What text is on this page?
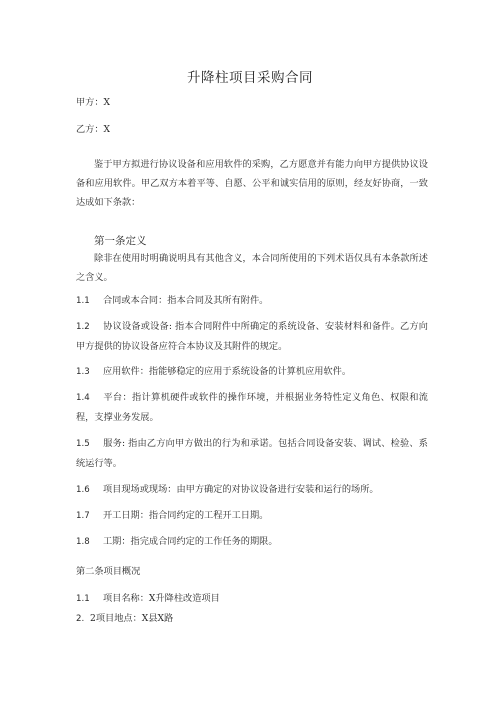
升降柱项目采购合同
甲方：X
乙方：X
鉴于甲方拟进行协议设备和应用软件的采购，乙方愿意并有能力向甲方提供协议设备和应用软件。甲乙双方本着平等、自愿、公平和诚实信用的原则，经友好协商，一致达成如下条款：
第一条定义
除非在使用时明确说明具有其他含义，本合同所使用的下列术语仅具有本条款所述之含义。
1.1 合同或本合同：指本合同及其所有附件。
1.2 协议设备或设备: 指本合同附件中所确定的系统设备、安装材料和备件。乙方向甲方提供的协议设备应符合本协议及其附件的规定。
1.3 应用软件：指能够稳定的应用于系统设备的计算机应用软件。
1.4 平台：指计算机硬件或软件的操作环境，并根据业务特性定义角色、权限和流程，支撑业务发展。
1.5 服务: 指由乙方向甲方做出的行为和承诺。包括合同设备安装、调试、检验、系统运行等。
1.6 项目现场或现场：由甲方确定的对协议设备进行安装和运行的场所。
1.7 开工日期：指合同约定的工程开工日期。
1.8 工期：指完成合同约定的工作任务的期限。
第二条项目概况
1.1 项目名称：X升降柱改造项目
2. 2项目地点：X县X路
